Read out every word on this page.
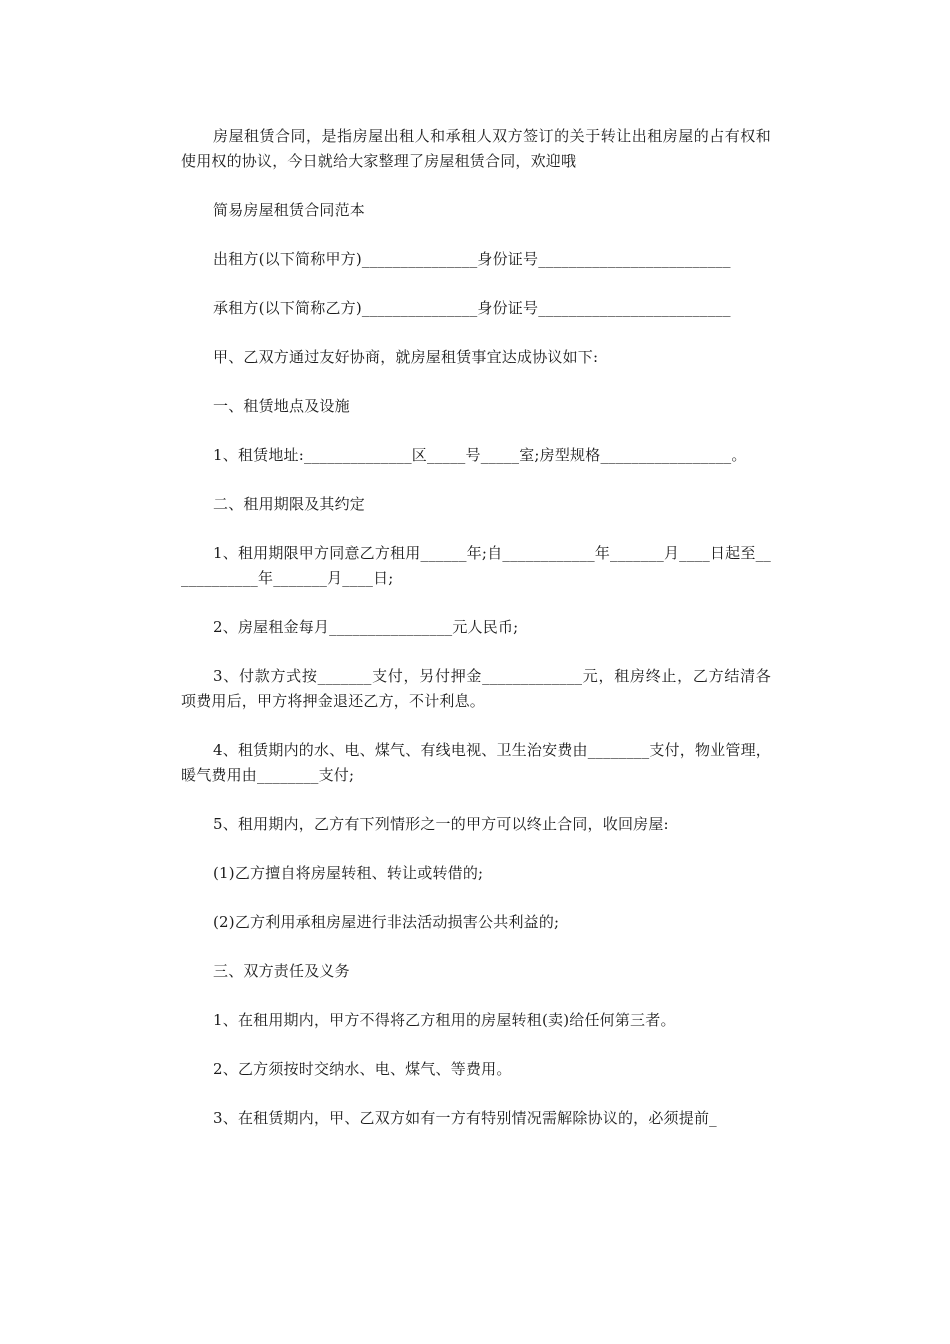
房屋租赁合同，是指房屋出租人和承租人双方签订的关于转让出租房屋的占有权和使用权的协议，今日就给大家整理了房屋租赁合同，欢迎哦

简易房屋租赁合同范本

出租方(以下简称甲方)_______________身份证号_________________________

承租方(以下简称乙方)_______________身份证号_________________________

甲、乙双方通过友好协商，就房屋租赁事宜达成协议如下:

一、租赁地点及设施

1、租赁地址:______________区_____号_____室;房型规格_________________。

二、租用期限及其约定

1、租用期限甲方同意乙方租用______年;自____________年_______月____日起至____________年_______月____日;

2、房屋租金每月________________元人民币;

3、付款方式按_______支付，另付押金_____________元，租房终止，乙方结清各项费用后，甲方将押金退还乙方，不计利息。

4、租赁期内的水、电、煤气、有线电视、卫生治安费由________支付，物业管理，暖气费用由________支付;

5、租用期内，乙方有下列情形之一的甲方可以终止合同，收回房屋:

(1)乙方擅自将房屋转租、转让或转借的;

(2)乙方利用承租房屋进行非法活动损害公共利益的;

三、双方责任及义务

1、在租用期内，甲方不得将乙方租用的房屋转租(卖)给任何第三者。

2、乙方须按时交纳水、电、煤气、等费用。

3、在租赁期内，甲、乙双方如有一方有特别情况需解除协议的，必须提前_
